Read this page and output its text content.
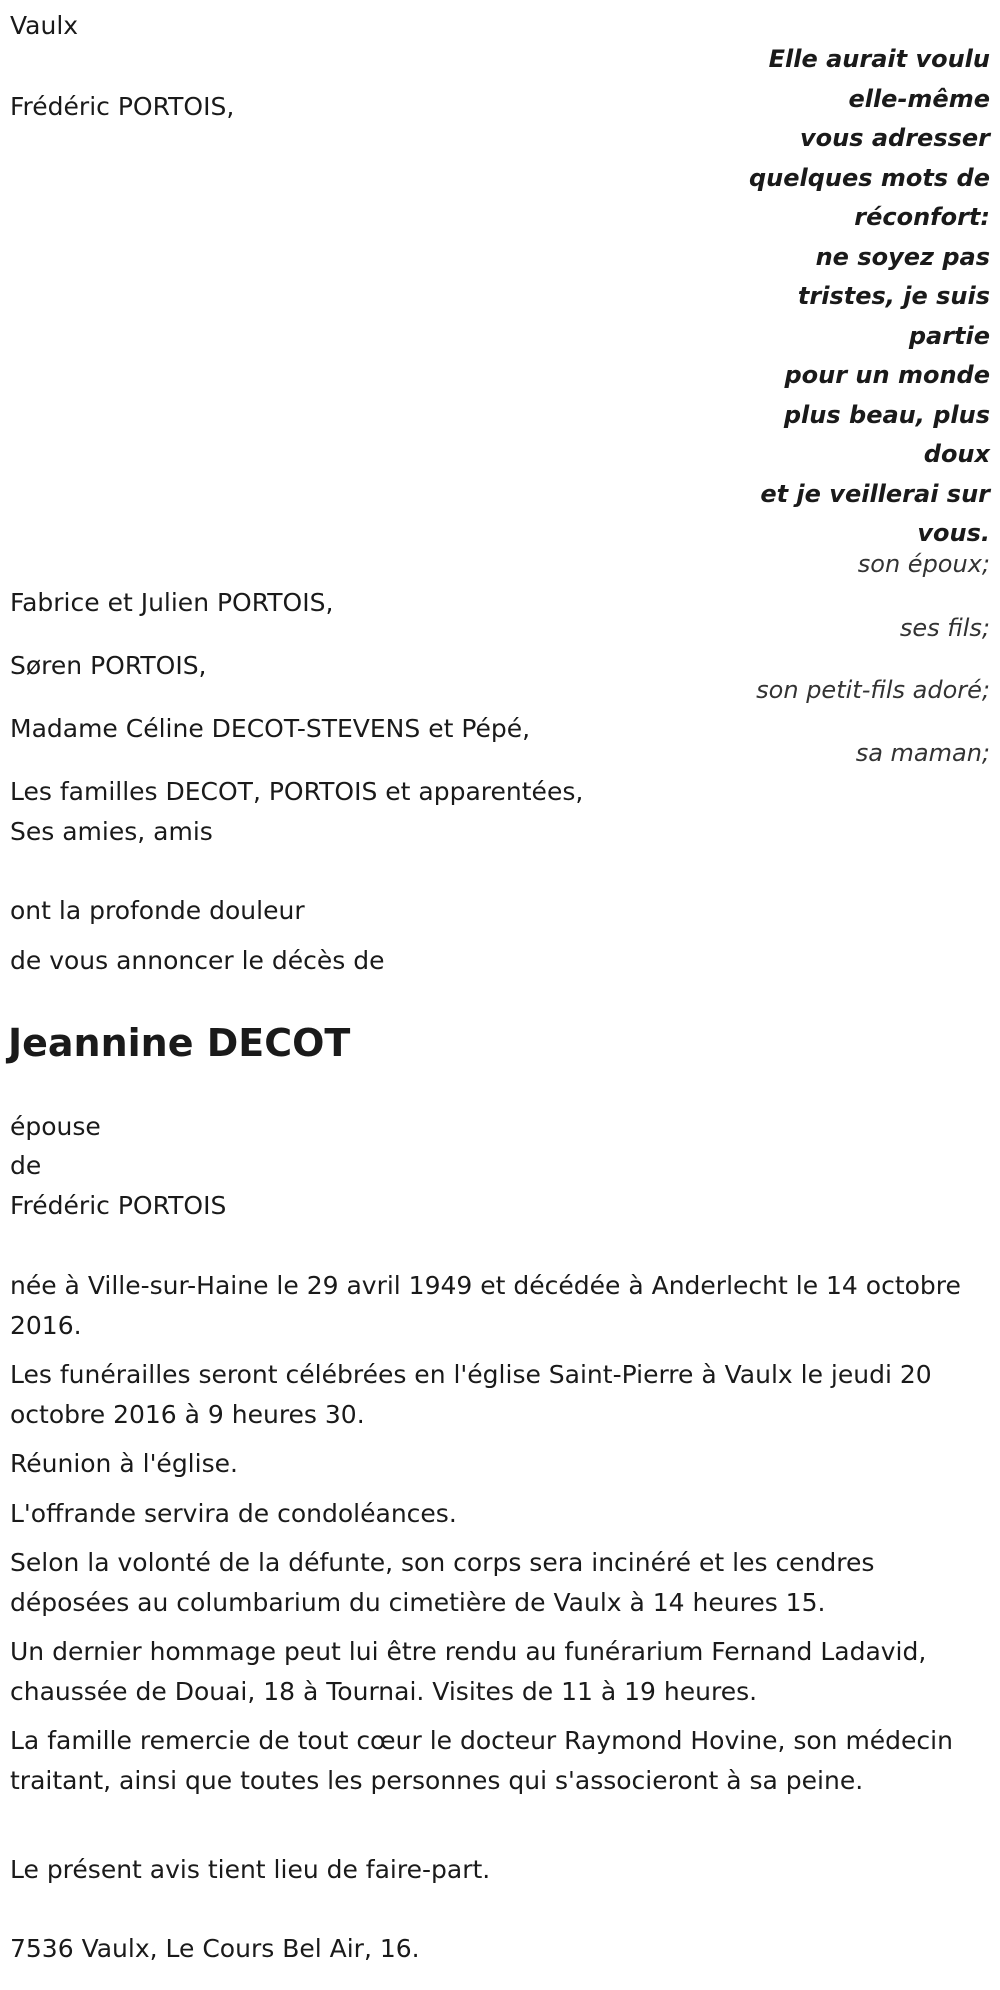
Vaulx
Elle aurait voulu
elle-même
vous adresser
quelques mots de
réconfort:
ne soyez pas
tristes, je suis
partie
pour un monde
plus beau, plus
doux
et je veillerai sur
vous.
Frédéric PORTOIS,
son époux;
Fabrice et Julien PORTOIS,
ses fils;
Søren PORTOIS,
son petit-fils adoré;
Madame Céline DECOT-STEVENS et Pépé,
sa maman;
Les familles DECOT, PORTOIS et apparentées,
Ses amies, amis
ont la profonde douleur
de vous annoncer le décès de
Jeannine DECOT
épouse
de
Frédéric PORTOIS
née à Ville-sur-Haine le 29 avril 1949 et décédée à Anderlecht le 14 octobre 2016.
Les funérailles seront célébrées en l'église Saint-Pierre à Vaulx le jeudi 20 octobre 2016 à 9 heures 30.
Réunion à l'église.
L'offrande servira de condoléances.
Selon la volonté de la défunte, son corps sera incinéré et les cendres déposées au columbarium du cimetière de Vaulx à 14 heures 15.
Un dernier hommage peut lui être rendu au funérarium Fernand Ladavid, chaussée de Douai, 18 à Tournai. Visites de 11 à 19 heures.
La famille remercie de tout cœur le docteur Raymond Hovine, son médecin traitant, ainsi que toutes les personnes qui s'associeront à sa peine.
Le présent avis tient lieu de faire-part.
7536 Vaulx, Le Cours Bel Air, 16.
